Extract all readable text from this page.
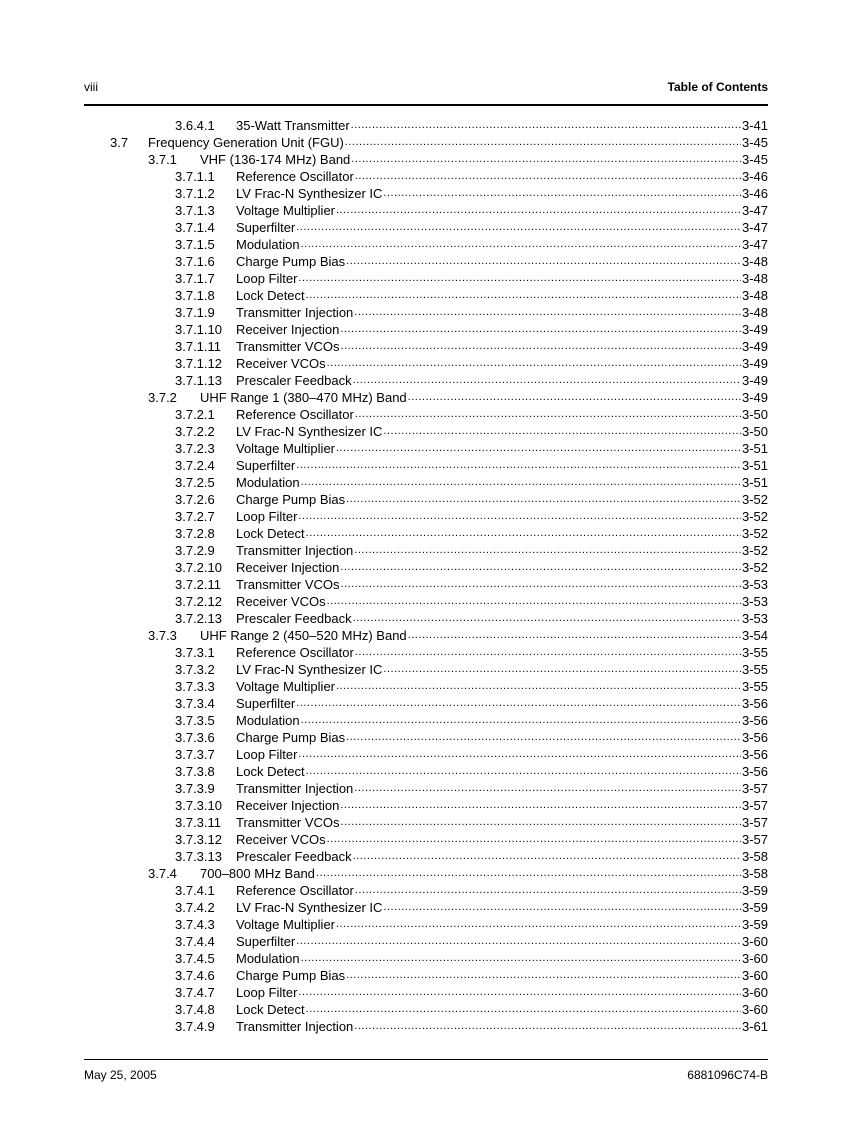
viii	Table of Contents
3.6.4.1	35-Watt Transmitter .....	3-41
3.7	Frequency Generation Unit (FGU) .....	3-45
3.7.1	VHF (136-174 MHz) Band .....	3-45
3.7.1.1	Reference Oscillator .....	3-46
3.7.1.2	LV Frac-N Synthesizer IC .....	3-46
3.7.1.3	Voltage Multiplier .....	3-47
3.7.1.4	Superfilter .....	3-47
3.7.1.5	Modulation .....	3-47
3.7.1.6	Charge Pump Bias .....	3-48
3.7.1.7	Loop Filter .....	3-48
3.7.1.8	Lock Detect .....	3-48
3.7.1.9	Transmitter Injection .....	3-48
3.7.1.10	Receiver Injection .....	3-49
3.7.1.11	Transmitter VCOs .....	3-49
3.7.1.12	Receiver VCOs .....	3-49
3.7.1.13	Prescaler Feedback .....	3-49
3.7.2	UHF Range 1 (380–470 MHz) Band .....	3-49
3.7.2.1	Reference Oscillator .....	3-50
3.7.2.2	LV Frac-N Synthesizer IC .....	3-50
3.7.2.3	Voltage Multiplier .....	3-51
3.7.2.4	Superfilter .....	3-51
3.7.2.5	Modulation .....	3-51
3.7.2.6	Charge Pump Bias .....	3-52
3.7.2.7	Loop Filter .....	3-52
3.7.2.8	Lock Detect .....	3-52
3.7.2.9	Transmitter Injection .....	3-52
3.7.2.10	Receiver Injection .....	3-52
3.7.2.11	Transmitter VCOs .....	3-53
3.7.2.12	Receiver VCOs .....	3-53
3.7.2.13	Prescaler Feedback .....	3-53
3.7.3	UHF Range 2 (450–520 MHz) Band .....	3-54
3.7.3.1	Reference Oscillator .....	3-55
3.7.3.2	LV Frac-N Synthesizer IC .....	3-55
3.7.3.3	Voltage Multiplier .....	3-55
3.7.3.4	Superfilter .....	3-56
3.7.3.5	Modulation .....	3-56
3.7.3.6	Charge Pump Bias .....	3-56
3.7.3.7	Loop Filter .....	3-56
3.7.3.8	Lock Detect .....	3-56
3.7.3.9	Transmitter Injection .....	3-57
3.7.3.10	Receiver Injection .....	3-57
3.7.3.11	Transmitter VCOs .....	3-57
3.7.3.12	Receiver VCOs .....	3-57
3.7.3.13	Prescaler Feedback .....	3-58
3.7.4	700–800 MHz Band .....	3-58
3.7.4.1	Reference Oscillator .....	3-59
3.7.4.2	LV Frac-N Synthesizer IC .....	3-59
3.7.4.3	Voltage Multiplier .....	3-59
3.7.4.4	Superfilter .....	3-60
3.7.4.5	Modulation .....	3-60
3.7.4.6	Charge Pump Bias .....	3-60
3.7.4.7	Loop Filter .....	3-60
3.7.4.8	Lock Detect .....	3-60
3.7.4.9	Transmitter Injection .....	3-61
May 25, 2005	6881096C74-B
